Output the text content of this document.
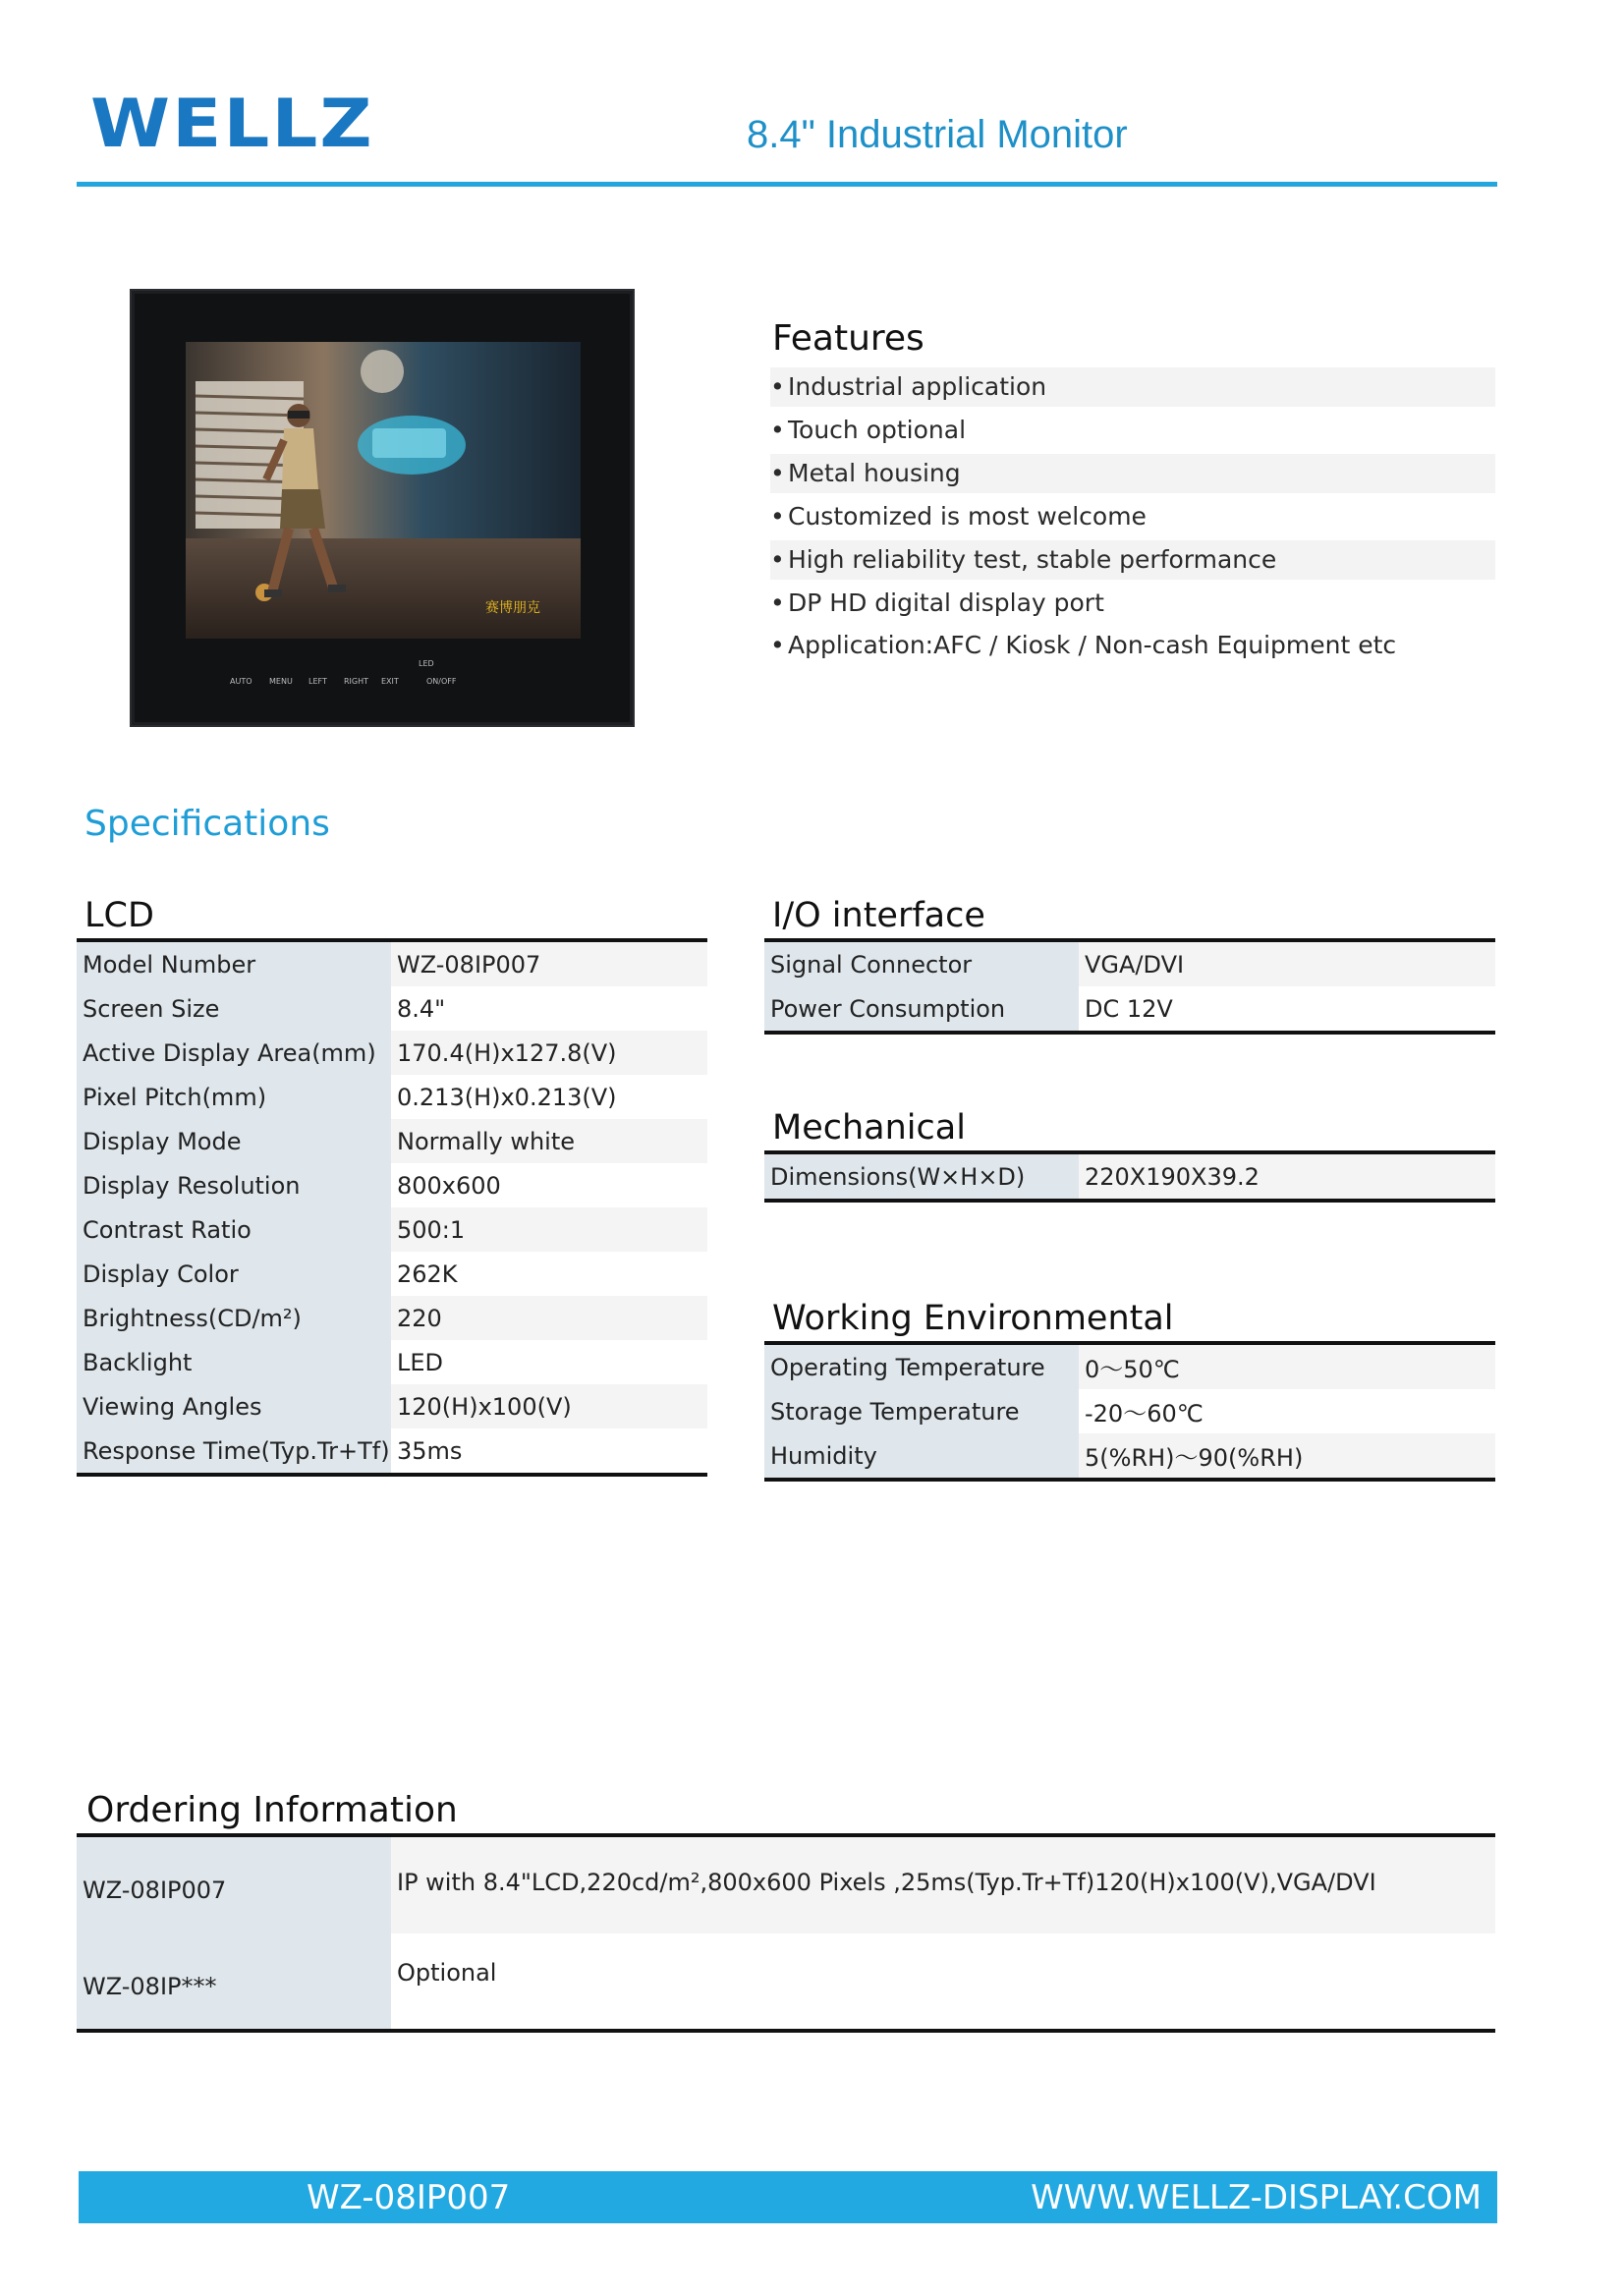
WELLZ	8.4" Industrial Monitor
赛博朋克
AUTO MENU LEFT RIGHT EXIT	ON/OFF
LED
Features
• Industrial application
• Touch optional
• Metal housing
• Customized is most welcome
• High reliability test, stable performance
• DP HD digital display port
• Application:AFC / Kiosk / Non-cash Equipment etc
Specifications
LCD
Model Number	WZ-08IP007
Screen Size	8.4"
Active Display Area(mm)	170.4(H)x127.8(V)
Pixel Pitch(mm)	0.213(H)x0.213(V)
Display Mode	Normally white
Display Resolution	800x600
Contrast Ratio	500:1
Display Color	262K
Brightness(CD/m²)	220
Backlight	LED
Viewing Angles	120(H)x100(V)
Response Time(Typ.Tr+Tf)	35ms
I/O interface
Signal Connector	VGA/DVI
Power Consumption	DC 12V
Mechanical
Dimensions(W×H×D)	220X190X39.2
Working Environmental
Operating Temperature	0～50℃
Storage Temperature	-20～60℃
Humidity	5(%RH)～90(%RH)
Ordering Information
WZ-08IP007	IP with 8.4"LCD,220cd/m²,800x600 Pixels ,25ms(Typ.Tr+Tf)120(H)x100(V),VGA/DVI
WZ-08IP***	Optional
WZ-08IP007	WWW.WELLZ-DISPLAY.COM
